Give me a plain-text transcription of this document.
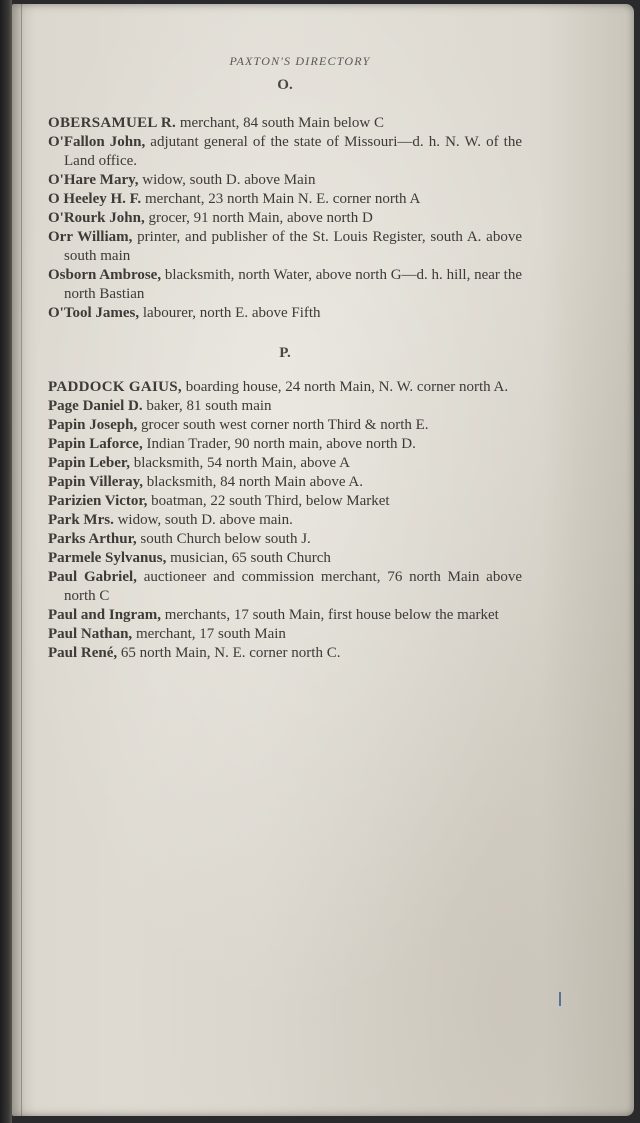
PAXTON'S DIRECTORY
O.

OBERSAMUEL R. merchant, 84 south Main below C

O'Fallon John, adjutant general of the state of Missouri—d. h. N. W. of the Land office.

O'Hare Mary, widow, south D. above Main

O Heeley H. F. merchant, 23 north Main N. E. corner north A

O'Rourk John, grocer, 91 north Main, above north D

Orr William, printer, and publisher of the St. Louis Register, south A. above south main

Osborn Ambrose, blacksmith, north Water, above north G—d. h. hill, near the north Bastian

O'Tool James, labourer, north E. above Fifth

P.

PADDOCK GAIUS, boarding house, 24 north Main, N. W. corner north A.

Page Daniel D. baker, 81 south main

Papin Joseph, grocer south west corner north Third & north E.

Papin Laforce, Indian Trader, 90 north main, above north D.

Papin Leber, blacksmith, 54 north Main, above A

Papin Villeray, blacksmith, 84 north Main above A.

Parizien Victor, boatman, 22 south Third, below Market

Park Mrs. widow, south D. above main.

Parks Arthur, south Church below south J.

Parmele Sylvanus, musician, 65 south Church

Paul Gabriel, auctioneer and commission merchant, 76 north Main above north C

Paul and Ingram, merchants, 17 south Main, first house below the market

Paul Nathan, merchant, 17 south Main

Paul René, 65 north Main, N. E. corner north C.
